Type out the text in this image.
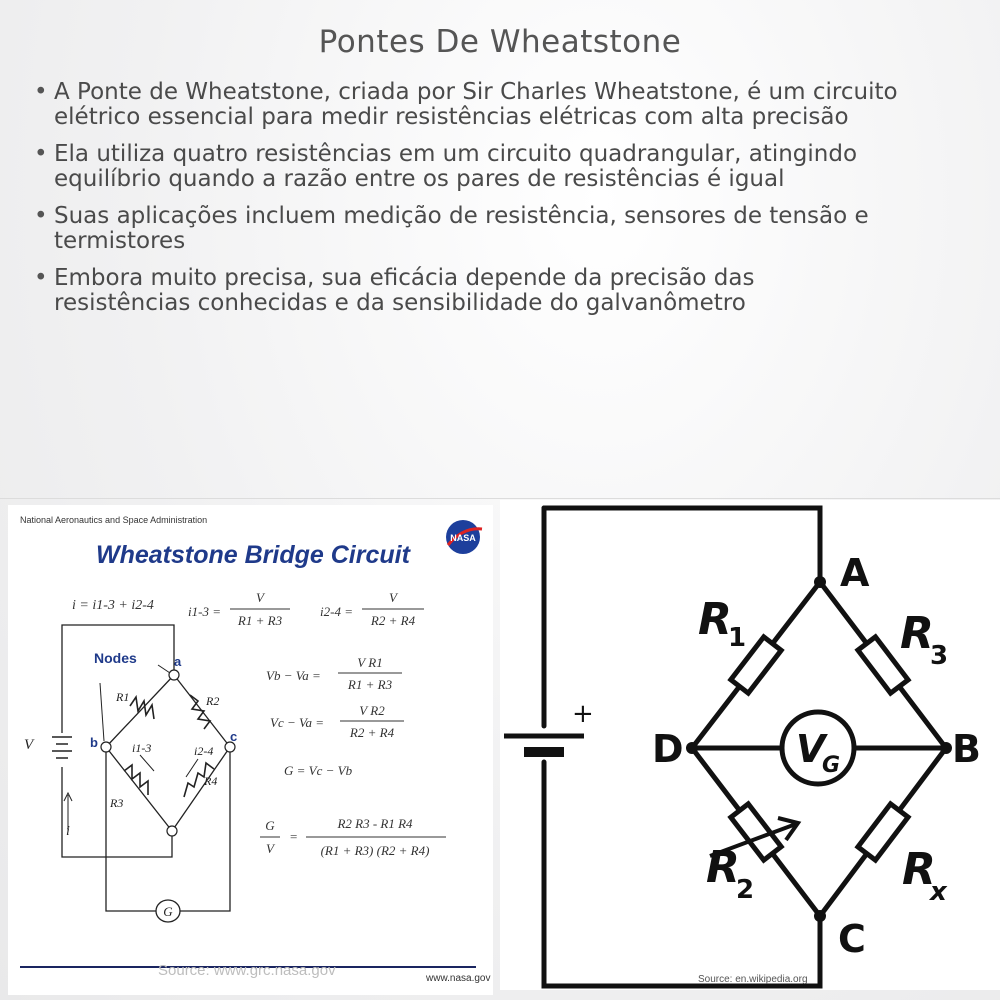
Pontes De Wheatstone
• A Ponte de Wheatstone, criada por Sir Charles Wheatstone, é um circuito
elétrico essencial para medir resistências elétricas com alta precisão
• Ela utiliza quatro resistências em um circuito quadrangular, atingindo
equilíbrio quando a razão entre os pares de resistências é igual
• Suas aplicações incluem medição de resistência, sensores de tensão e
termistores
• Embora muito precisa, sua eficácia depende da precisão das
resistências conhecidas e da sensibilidade do galvanômetro
National Aeronautics and Space Administration
NASA
Wheatstone Bridge Circuit
i = i1-3 + i2-4	i1-3 =
V
R1 + R3
i2-4 =
V
R2 + R4
Vb − Va =
V R1
R1 + R3
Vc − Va =
V R2
R2 + R4
G = Vc − Vb
G
V
=
R2 R3 - R1 R4
(R1 + R3) (R2 + R4)
G
Nodes	a
b	c
V
i
R1	R2
R3
R4
i1-3	i2-4
Source: www.grc.nasa.gov	www.nasa.gov
+
V
G
A
B
C
D
R
1	R
3
R
2	R
x
Source: en.wikipedia.org
